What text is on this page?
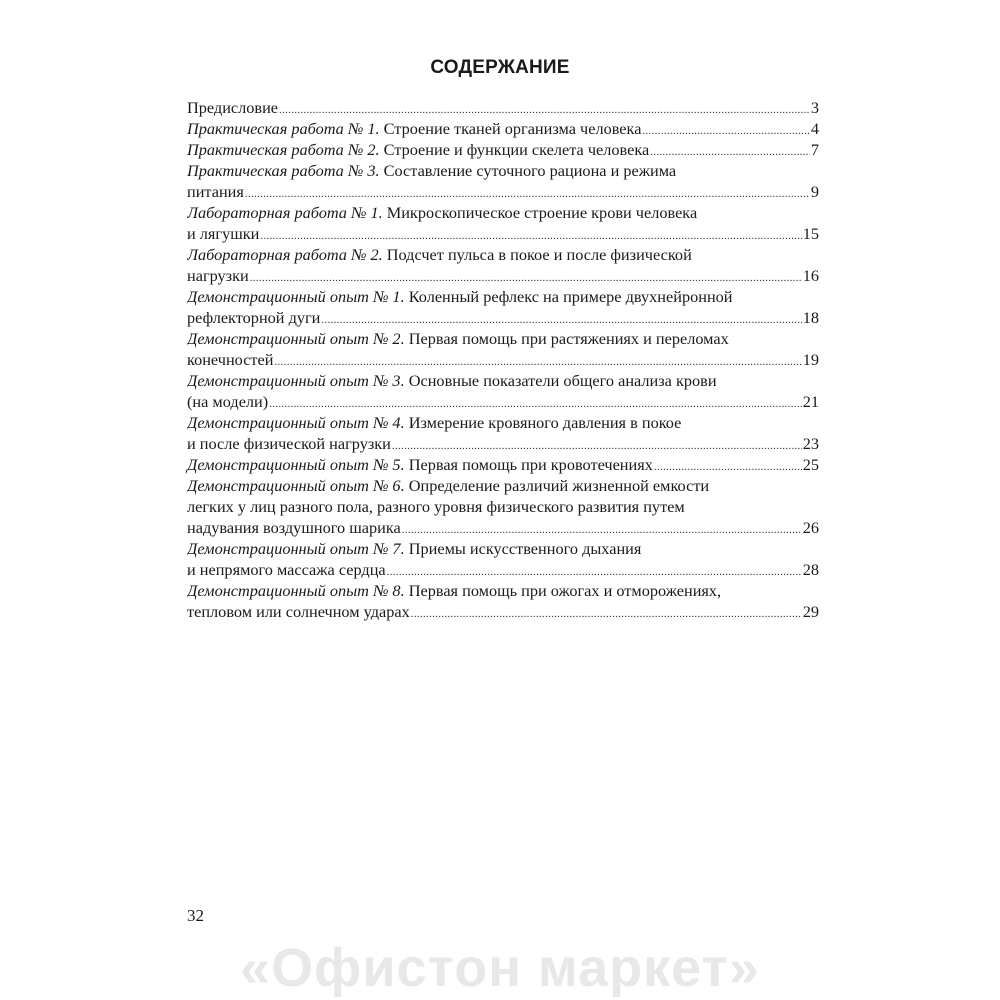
СОДЕРЖАНИЕ
Предисловие .....	3
Практическая работа № 1. Строение тканей организма человека .....	4
Практическая работа № 2. Строение и функции скелета человека .....	7
Практическая работа № 3. Составление суточного рациона и режима
питания .....	9
Лабораторная работа № 1. Микроскопическое строение крови человека
и лягушки .....	15
Лабораторная работа № 2. Подсчет пульса в покое и после физической
нагрузки .....	16
Демонстрационный опыт № 1. Коленный рефлекс на примере двухнейронной
рефлекторной дуги .....	18
Демонстрационный опыт № 2. Первая помощь при растяжениях и переломах
конечностей .....	19
Демонстрационный опыт № 3. Основные показатели общего анализа крови
(на модели) .....	21
Демонстрационный опыт № 4. Измерение кровяного давления в покое
и после физической нагрузки .....	23
Демонстрационный опыт № 5. Первая помощь при кровотечениях .....	25
Демонстрационный опыт № 6. Определение различий жизненной емкости
легких у лиц разного пола, разного уровня физического развития путем
надувания воздушного шарика .....	26
Демонстрационный опыт № 7. Приемы искусственного дыхания
и непрямого массажа сердца .....	28
Демонстрационный опыт № 8. Первая помощь при ожогах и отморожениях,
тепловом или солнечном ударах .....	29
32
«Офистон маркет»
